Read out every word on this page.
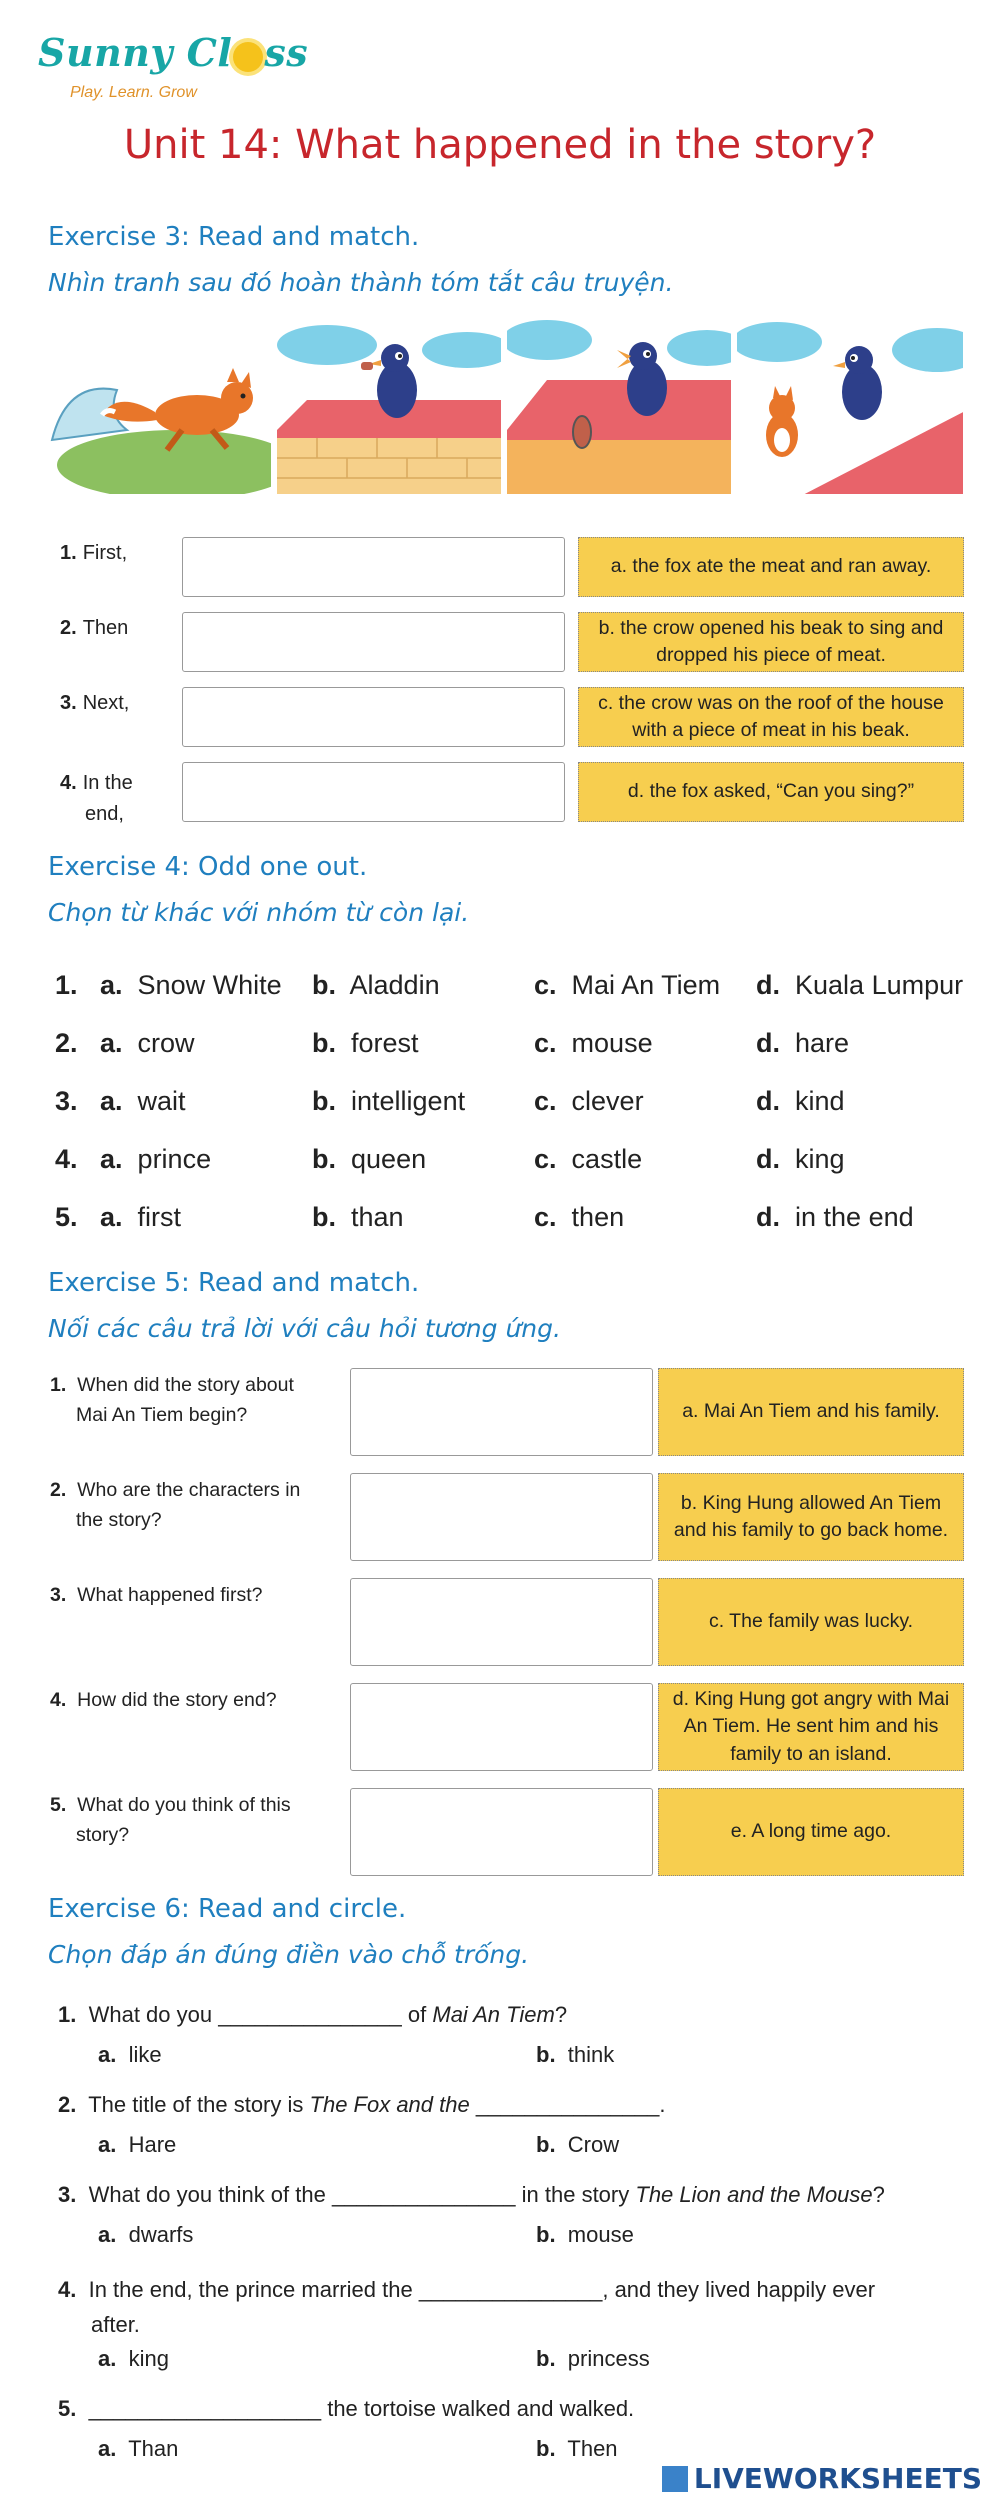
Sunny Cl ss
Play. Learn. Grow
Unit 14: What happened in the story?
Exercise 3: Read and match.
Nhìn tranh sau đó hoàn thành tóm tắt câu truyện.
1. First,
a. the fox ate the meat and ran away.
2. Then	b. the crow opened his beak to sing and dropped his piece of meat.
3. Next,	c. the crow was on the roof of the house with a piece of meat in his beak.
4. In the
end,
d. the fox asked, “Can you sing?”
Exercise 4: Odd one out.
Chọn từ khác với nhóm từ còn lại.
1. a. Snow White b. Aladdin	c. Mai An Tiem d. Kuala Lumpur
2. a. crow	b. forest	c. mouse	d. hare
3. a. wait	b. intelligent	c. clever	d. kind
4. a. prince	b. queen	c. castle	d. king
5. a. first	b. than	c. then	d. in the end
Exercise 5: Read and match.
Nối các câu trả lời với câu hỏi tương ứng.
1. When did the story about
Mai An Tiem begin?	a. Mai An Tiem and his family.
2. Who are the characters in
the story?
b. King Hung allowed An Tiem and his family to go back home.
3. What happened first?

c. The family was lucky.
4. How did the story end?	d. King Hung got angry with Mai An Tiem. He sent him and his family to an island.
5. What do you think of this
story?	e. A long time ago.
Exercise 6: Read and circle.
Chọn đáp án đúng điền vào chỗ trống.
1. What do you _______________ of Mai An Tiem?
a. like	b. think
2. The title of the story is The Fox and the _______________.
a. Hare	b. Crow
3. What do you think of the _______________ in the story The Lion and the Mouse?
a. dwarfs	b. mouse
4. In the end, the prince married the _______________, and they lived happily ever
after.
a. king	b. princess
5. ___________________ the tortoise walked and walked.
a. Than	b. Then
LIVEWORKSHEETS
